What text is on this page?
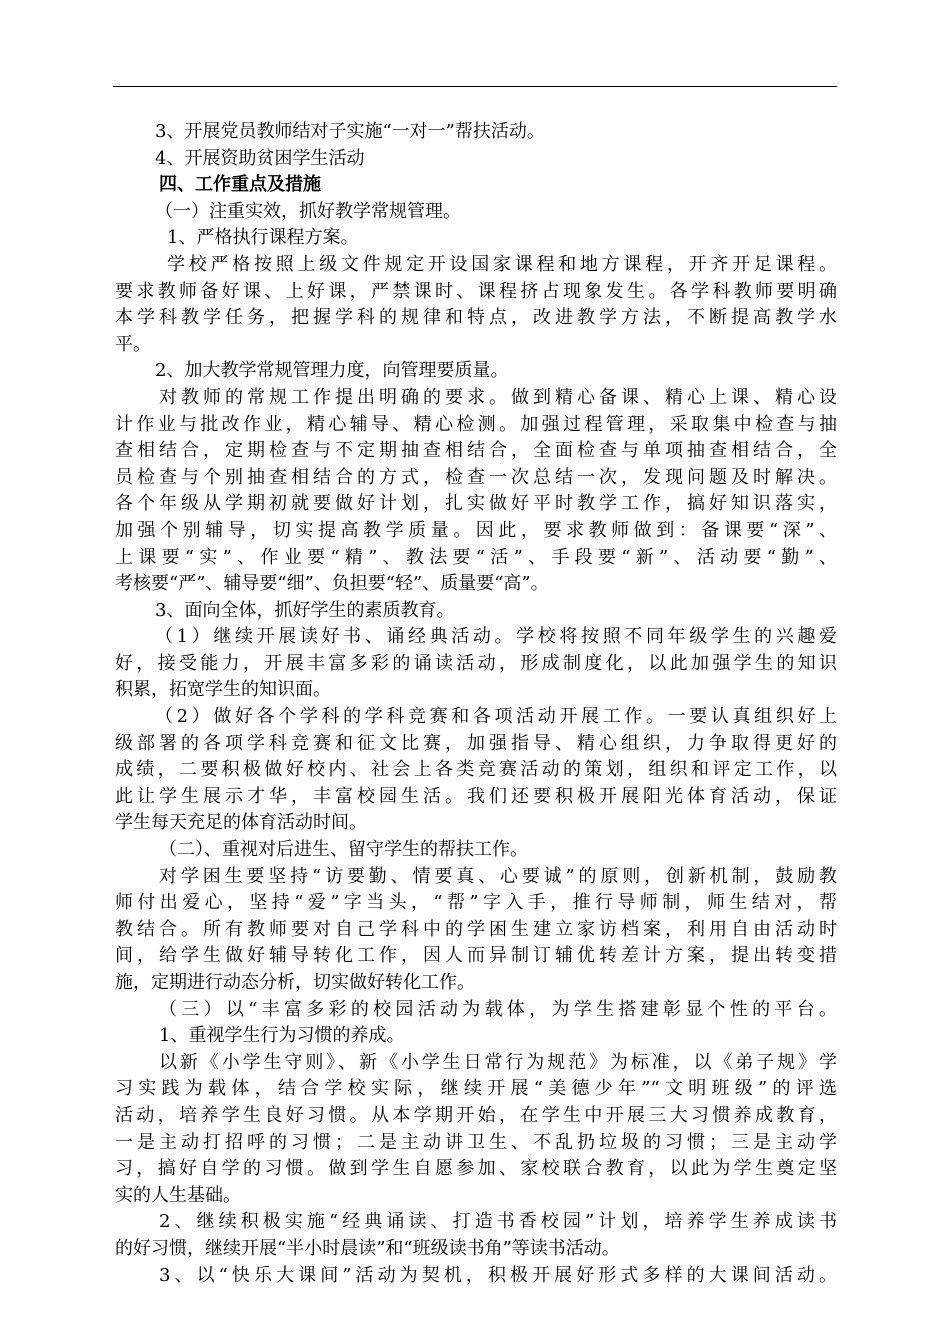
3、开展党员教师结对子实施“一对一”帮扶活动。
4、开展资助贫困学生活动
四、工作重点及措施
（一）注重实效，抓好教学常规管理。
1、严格执行课程方案。
学校严格按照上级文件规定开设国家课程和地方课程，开齐开足课程。
要求教师备好课、上好课，严禁课时、课程挤占现象发生。各学科教师要明确
本学科教学任务，把握学科的规律和特点，改进教学方法，不断提高教学水
平。
2、加大教学常规管理力度，向管理要质量。
对教师的常规工作提出明确的要求。做到精心备课、精心上课、精心设
计作业与批改作业，精心辅导、精心检测。加强过程管理，采取集中检查与抽
查相结合，定期检查与不定期抽查相结合，全面检查与单项抽查相结合，全
员检查与个别抽查相结合的方式，检查一次总结一次，发现问题及时解决。
各个年级从学期初就要做好计划，扎实做好平时教学工作，搞好知识落实，
加强个别辅导，切实提高教学质量。因此，要求教师做到：备课要“深”、
上课要“实”、作业要“精”、教法要“活”、手段要“新”、活动要“勤”、
考核要“严”、辅导要“细”、负担要“轻”、质量要“高”。
3、面向全体，抓好学生的素质教育。
（1）继续开展读好书、诵经典活动。学校将按照不同年级学生的兴趣爱
好，接受能力，开展丰富多彩的诵读活动，形成制度化，以此加强学生的知识
积累，拓宽学生的知识面。
（2）做好各个学科的学科竞赛和各项活动开展工作。一要认真组织好上
级部署的各项学科竞赛和征文比赛，加强指导、精心组织，力争取得更好的
成绩，二要积极做好校内、社会上各类竞赛活动的策划，组织和评定工作，以
此让学生展示才华，丰富校园生活。我们还要积极开展阳光体育活动，保证
学生每天充足的体育活动时间。
（二）、重视对后进生、留守学生的帮扶工作。
对学困生要坚持“访要勤、情要真、心要诚”的原则，创新机制，鼓励教
师付出爱心，坚持“爱”字当头，“帮”字入手，推行导师制，师生结对，帮
教结合。所有教师要对自己学科中的学困生建立家访档案，利用自由活动时
间，给学生做好辅导转化工作，因人而异制订辅优转差计方案，提出转变措
施，定期进行动态分析，切实做好转化工作。
（三）以“丰富多彩的校园活动为载体，为学生搭建彰显个性的平台。
1、重视学生行为习惯的养成。
以新《小学生守则》、新《小学生日常行为规范》为标准，以《弟子规》学
习实践为载体，结合学校实际，继续开展“美德少年”“文明班级”的评选
活动，培养学生良好习惯。从本学期开始，在学生中开展三大习惯养成教育，
一是主动打招呼的习惯；二是主动讲卫生、不乱扔垃圾的习惯；三是主动学
习，搞好自学的习惯。做到学生自愿参加、家校联合教育，以此为学生奠定坚
实的人生基础。
2、继续积极实施“经典诵读、打造书香校园”计划，培养学生养成读书
的好习惯，继续开展“半小时晨读”和“班级读书角”等读书活动。
3、以“快乐大课间”活动为契机，积极开展好形式多样的大课间活动。
